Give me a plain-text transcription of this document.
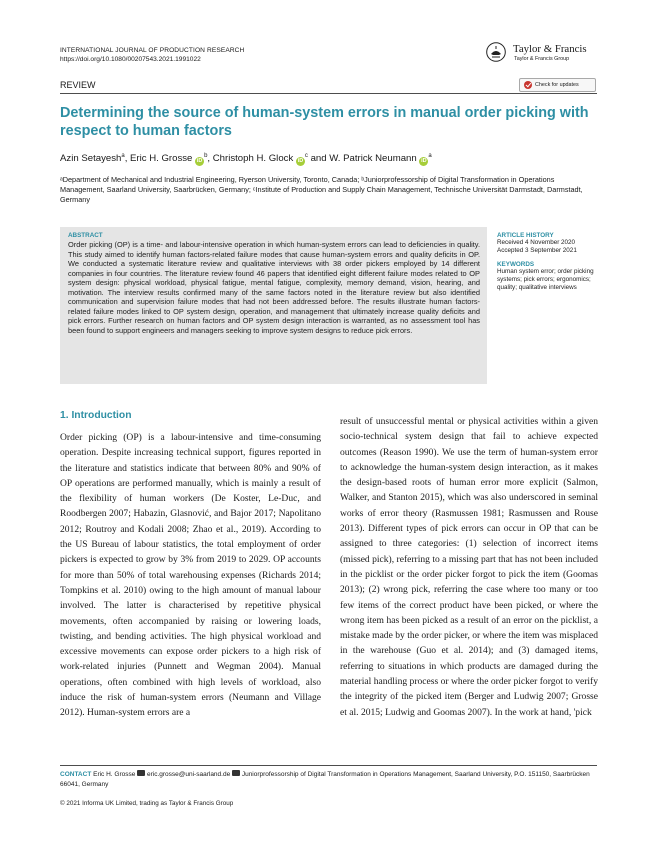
INTERNATIONAL JOURNAL OF PRODUCTION RESEARCH
https://doi.org/10.1080/00207543.2021.1991022
Taylor & Francis
Taylor & Francis Group
Check for updates
REVIEW
Determining the source of human-system errors in manual order picking with respect to human factors
Azin Setayesh$^a$, Eric H. Grosse $iD^b$, Christoph H. Glock $iD^c$ and W. Patrick Neumann $iD^a$
ᵃDepartment of Mechanical and Industrial Engineering, Ryerson University, Toronto, Canada; ᵇJuniorprofessorship of Digital Transformation in Operations Management, Saarland University, Saarbrücken, Germany; ᶜInstitute of Production and Supply Chain Management, Technische Universität Darmstadt, Darmstadt, Germany
ABSTRACT
Order picking (OP) is a time- and labour-intensive operation in which human-system errors can lead to deficiencies in quality. This study aimed to identify human factors-related failure modes that cause human-system errors and quality deficits in OP. We conducted a systematic literature review and qualitative interviews with 38 order pickers employed by 14 different companies in four countries. The literature review found 46 papers that identified eight different failure modes related to OP system design: physical workload, physical fatigue, mental fatigue, complexity, memory demand, vision, hearing, and motivation. The interview results confirmed many of the same factors noted in the literature review but also identified communication and supervision failure modes that had not been addressed before. The results illustrate human factors-related failure modes linked to OP system design, operation, and management that ultimately increase quality deficits and pick errors. Further research on human factors and OP system design interaction is warranted, as no assessment tool has been found to support engineers and managers seeking to improve system designs to reduce pick errors.
ARTICLE HISTORY
Received 4 November 2020
Accepted 3 September 2021
KEYWORDS
Human system error; order picking systems; pick errors; ergonomics; quality; qualitative interviews
1. Introduction

Order picking (OP) is a labour-intensive and time-consuming operation. Despite increasing technical support, figures reported in the literature and statistics indicate that between 80% and 90% of OP operations are performed manually, which is mainly a result of the flexibility of human workers (De Koster, Le-Duc, and Roodbergen 2007; Habazin, Glasnović, and Bajor 2017; Napolitano 2012; Routroy and Kodali 2008; Zhao et al., 2019). According to the US Bureau of labour statistics, the total employment of order pickers is expected to grow by 3% from 2019 to 2029. OP accounts for more than 50% of total warehousing expenses (Richards 2014; Tompkins et al. 2010) owing to the high amount of manual labour involved. The latter is characterised by repetitive physical movements, often accompanied by raising or lowering loads, twisting, and bending activities. The high physical workload and excessive movements can expose order pickers to a high risk of work-related injuries (Punnett and Wegman 2004). Manual operations, often combined with high levels of workload, also induce the risk of human-system errors (Neumann and Village 2012). Human-system errors are a

result of unsuccessful mental or physical activities within a given socio-technical system design that fail to achieve expected outcomes (Reason 1990). We use the term of human-system error to acknowledge the human-system design interaction, as it makes the design-based roots of human error more explicit (Salmon, Walker, and Stanton 2015), which was also underscored in seminal works of error theory (Rasmussen 1981; Rasmussen and Rouse 2013). Different types of pick errors can occur in OP that can be assigned to three categories: (1) selection of incorrect items (missed pick), referring to a missing part that has not been included in the picklist or the order picker forgot to pick the item (Goomas 2013); (2) wrong pick, referring the case where too many or too few items of the correct product have been picked, or where the wrong item has been picked as a result of an error on the picklist, a mistake made by the order picker, or where the item was misplaced in the warehouse (Guo et al. 2014); and (3) damaged items, referring to situations in which products are damaged during the material handling process or where the order picker forgot to verify the integrity of the picked item (Berger and Ludwig 2007; Grosse et al. 2015; Ludwig and Goomas 2007). In the work at hand, 'pick

CONTACT Eric H. Grosse eric.grosse@uni-saarland.de Juniorprofessorship of Digital Transformation in Operations Management, Saarland University, P.O. 151150, Saarbrücken 66041, Germany
© 2021 Informa UK Limited, trading as Taylor & Francis Group
